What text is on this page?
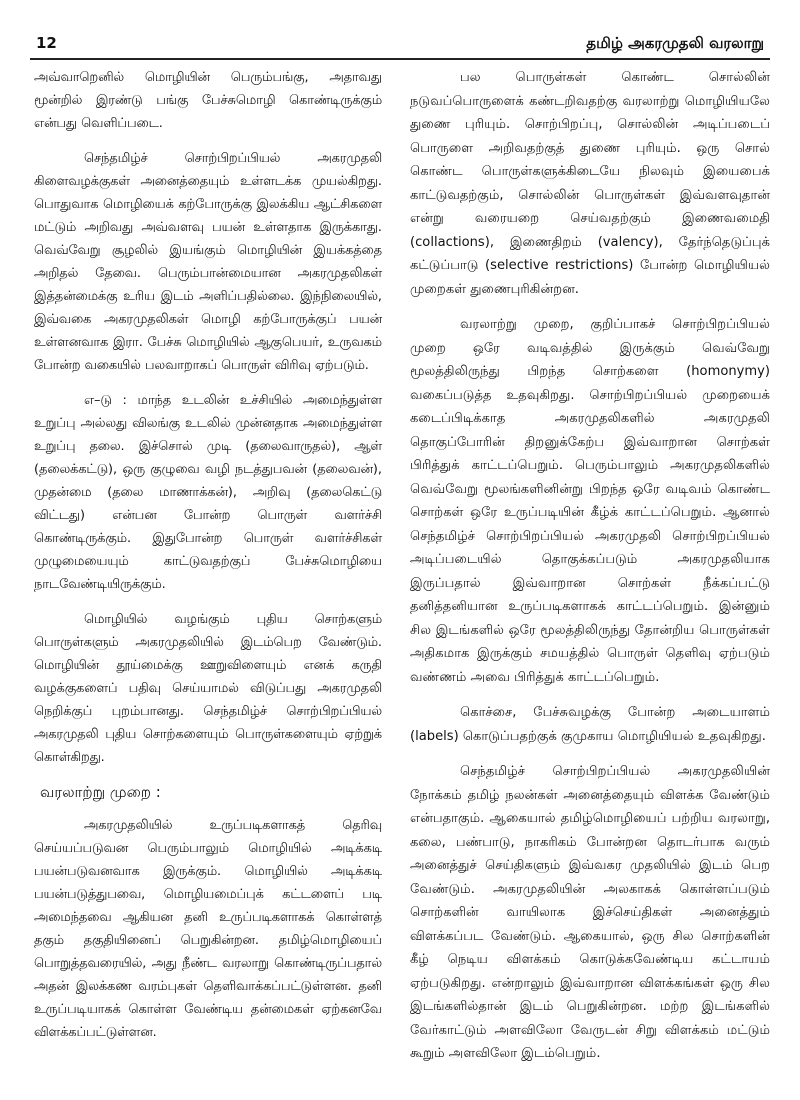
12	தமிழ் அகரமுதலி வரலாறு

அவ்வாறெனில் மொழியின் பெரும்பங்கு, அதாவது மூன்றில் இரண்டு பங்கு பேச்சுமொழி கொண்டிருக்கும் என்பது வெளிப்படை.

செந்தமிழ்ச் சொற்பிறப்பியல் அகரமுதலி கிளைவழக்குகள் அனைத்தையும் உள்ளடக்க முயல்கிறது. பொதுவாக மொழியைக் கற்போருக்கு இலக்கிய ஆட்சிகளை மட்டும் அறிவது அவ்வளவு பயன் உள்ளதாக இருக்காது. வெவ்வேறு சூழலில் இயங்கும் மொழியின் இயக்கத்தை அறிதல் தேவை. பெரும்பான்மையான அகரமுதலிகள் இத்தன்மைக்கு உரிய இடம் அளிப்பதில்லை. இந்நிலையில், இவ்வகை அகரமுதலிகள் மொழி கற்போருக்குப் பயன் உள்ளனவாக இரா. பேச்சு மொழியில் ஆகுபெயர், உருவகம் போன்ற வகையில் பலவாறாகப் பொருள் விரிவு ஏற்படும்.

எ–டு : மாந்த உடலின் உச்சியில் அமைந்துள்ள உறுப்பு அல்லது விலங்கு உடலில் முன்னதாக அமைந்துள்ள உறுப்பு தலை. இச்சொல் முடி (தலைவாருதல்), ஆள் (தலைக்கட்டு), ஒரு குழுவை வழி நடத்துபவன் (தலைவன்), முதன்மை (தலை மாணாக்கன்), அறிவு (தலைகெட்டு விட்டது) என்பன போன்ற பொருள் வளர்ச்சி கொண்டிருக்கும். இதுபோன்ற பொருள் வளர்ச்சிகள் முழுமையையும் காட்டுவதற்குப் பேச்சுமொழியை நாடவேண்டியிருக்கும்.

மொழியில் வழங்கும் புதிய சொற்களும் பொருள்களும் அகரமுதலியில் இடம்பெற வேண்டும். மொழியின் தூய்மைக்கு ஊறுவிளையும் எனக் கருதி வழக்குகளைப் பதிவு செய்யாமல் விடுப்பது அகரமுதலி நெறிக்குப் புறம்பானது. செந்தமிழ்ச் சொற்பிறப்பியல் அகரமுதலி புதிய சொற்களையும் பொருள்களையும் ஏற்றுக் கொள்கிறது.

வரலாற்று முறை :

அகரமுதலியில் உருப்படிகளாகத் தெரிவு செய்யப்படுவன பெரும்பாலும் மொழியில் அடிக்கடி பயன்படுவனவாக இருக்கும். மொழியில் அடிக்கடி பயன்படுத்துபவை, மொழியமைப்புக் கட்டளைப் படி அமைந்தவை ஆகியன தனி உருப்படிகளாகக் கொள்ளத் தகும் தகுதியினைப் பெறுகின்றன. தமிழ்மொழியைப் பொறுத்தவரையில், அது நீண்ட வரலாறு கொண்டிருப்பதால் அதன் இலக்கண வரம்புகள் தெளிவாக்கப்பட்டுள்ளன. தனி உருப்படியாகக் கொள்ள வேண்டிய தன்மைகள் ஏற்கனவே விளக்கப்பட்டுள்ளன.

பல பொருள்கள் கொண்ட சொல்லின் நடுவப்பொருளைக் கண்டறிவதற்கு வரலாற்று மொழியியலே துணை புரியும். சொற்பிறப்பு, சொல்லின் அடிப்படைப் பொருளை அறிவதற்குத் துணை புரியும். ஒரு சொல் கொண்ட பொருள்களுக்கிடையே நிலவும் இயைபைக் காட்டுவதற்கும், சொல்லின் பொருள்கள் இவ்வளவுதான் என்று வரையறை செய்வதற்கும் இணைவமைதி (collactions), இணைதிறம் (valency), தேர்ந்தெடுப்புக் கட்டுப்பாடு (selective restrictions) போன்ற மொழியியல் முறைகள் துணைபுரிகின்றன.

வரலாற்று முறை, குறிப்பாகச் சொற்பிறப்பியல் முறை ஒரே வடிவத்தில் இருக்கும் வெவ்வேறு மூலத்திலிருந்து பிறந்த சொற்களை (homonymy) வகைப்படுத்த உதவுகிறது. சொற்பிறப்பியல் முறையைக் கடைப்பிடிக்காத அகரமுதலிகளில் அகரமுதலி தொகுப்போரின் திறனுக்கேற்ப இவ்வாறான சொற்கள் பிரித்துக் காட்டப்பெறும். பெரும்பாலும் அகரமுதலிகளில் வெவ்வேறு மூலங்களினின்று பிறந்த ஒரே வடிவம் கொண்ட சொற்கள் ஒரே உருப்படியின் கீழ்க் காட்டப்பெறும். ஆனால் செந்தமிழ்ச் சொற்பிறப்பியல் அகரமுதலி சொற்பிறப்பியல் அடிப்படையில் தொகுக்கப்படும் அகரமுதலியாக இருப்பதால் இவ்வாறான சொற்கள் நீக்கப்பட்டு தனித்தனியான உருப்படிகளாகக் காட்டப்பெறும். இன்னும் சில இடங்களில் ஒரே மூலத்திலிருந்து தோன்றிய பொருள்கள் அதிகமாக இருக்கும் சமயத்தில் பொருள் தெளிவு ஏற்படும் வண்ணம் அவை பிரித்துக் காட்டப்பெறும்.

கொச்சை, பேச்சுவழக்கு போன்ற அடையாளம் (labels) கொடுப்பதற்குக் குமுகாய மொழியியல் உதவுகிறது.

செந்தமிழ்ச் சொற்பிறப்பியல் அகரமுதலியின் நோக்கம் தமிழ் நலன்கள் அனைத்தையும் விளக்க வேண்டும் என்பதாகும். ஆகையால் தமிழ்மொழியைப் பற்றிய வரலாறு, கலை, பண்பாடு, நாகரிகம் போன்றன தொடர்பாக வரும் அனைத்துச் செய்திகளும் இவ்வகர முதலியில் இடம் பெற வேண்டும். அகரமுதலியின் அலகாகக் கொள்ளப்படும் சொற்களின் வாயிலாக இச்செய்திகள் அனைத்தும் விளக்கப்பட வேண்டும். ஆகையால், ஒரு சில சொற்களின் கீழ் நெடிய விளக்கம் கொடுக்கவேண்டிய கட்டாயம் ஏற்படுகிறது. என்றாலும் இவ்வாறான விளக்கங்கள் ஒரு சில இடங்களில்தான் இடம் பெறுகின்றன. மற்ற இடங்களில் வேர்காட்டும் அளவிலோ வேருடன் சிறு விளக்கம் மட்டும் கூறும் அளவிலோ இடம்பெறும்.
